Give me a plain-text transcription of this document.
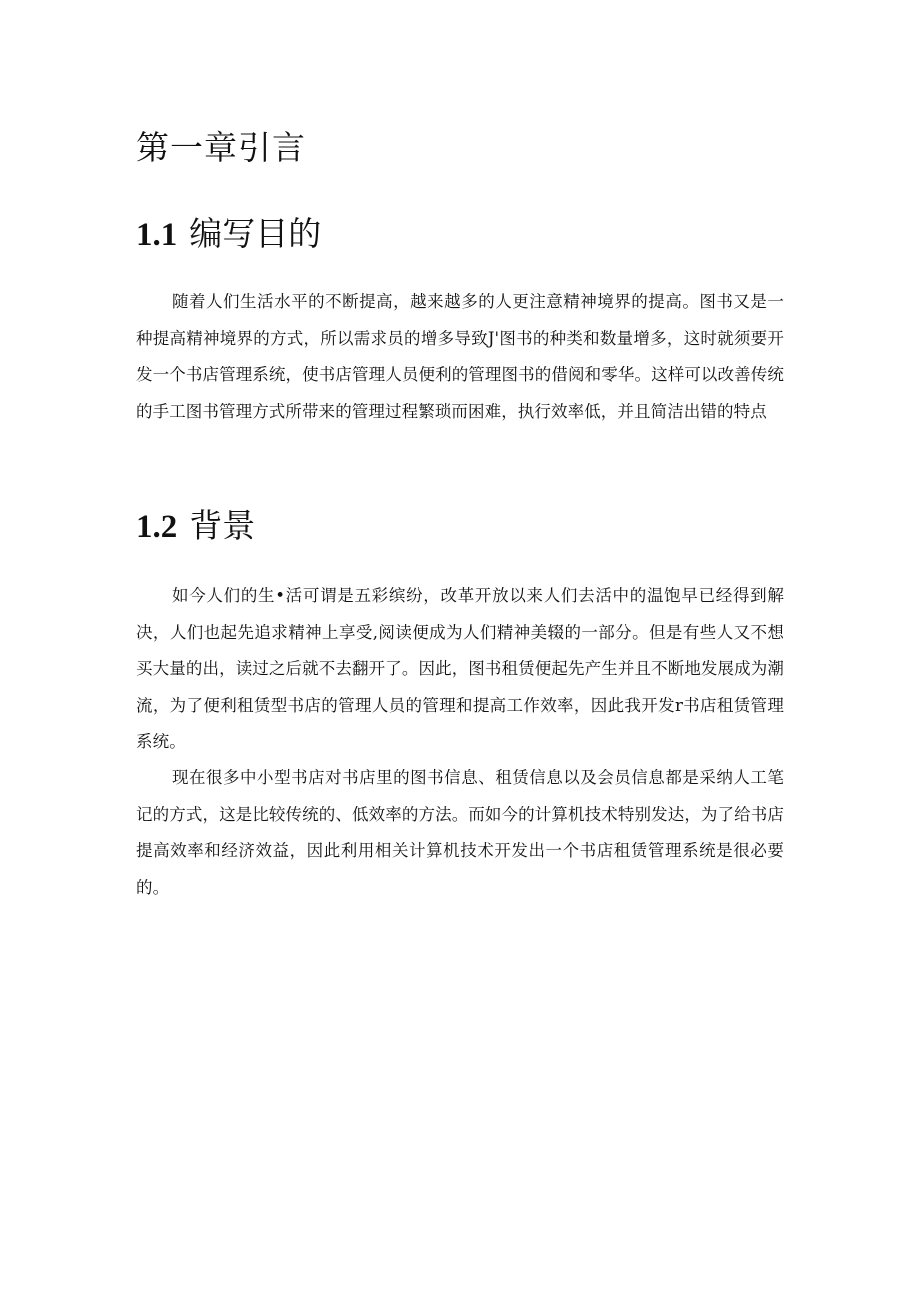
第一章引言
1.1 编写目的

随着人们生活水平的不断提高，越来越多的人更注意精神境界的提高。图书又是一种提高精神境界的方式，所以需求员的增多导致J'图书的种类和数量增多，这时就须要开发一个书店管理系统，使书店管理人员便利的管理图书的借阅和零华。这样可以改善传统的手工图书管理方式所带来的管理过程繁琐而困难，执行效率低，并且简洁出错的特点

1.2 背景

如今人们的生•活可谓是五彩缤纷，改革开放以来人们去活中的温饱早已经得到解决，人们也起先追求精神上享受,阅读便成为人们精神美辍的一部分。但是有些人又不想买大量的出，读过之后就不去翻开了。因此，图书租赁便起先产生并且不断地发展成为潮流，为了便利租赁型书店的管理人员的管理和提高工作效率，因此我开发r书店租赁管理系统。

现在很多中小型书店对书店里的图书信息、租赁信息以及会员信息都是采纳人工笔记的方式，这是比较传统的、低效率的方法。而如今的计算机技术特别发达，为了给书店提高效率和经济效益，因此利用相关计算机技术开发出一个书店租赁管理系统是很必要的。
